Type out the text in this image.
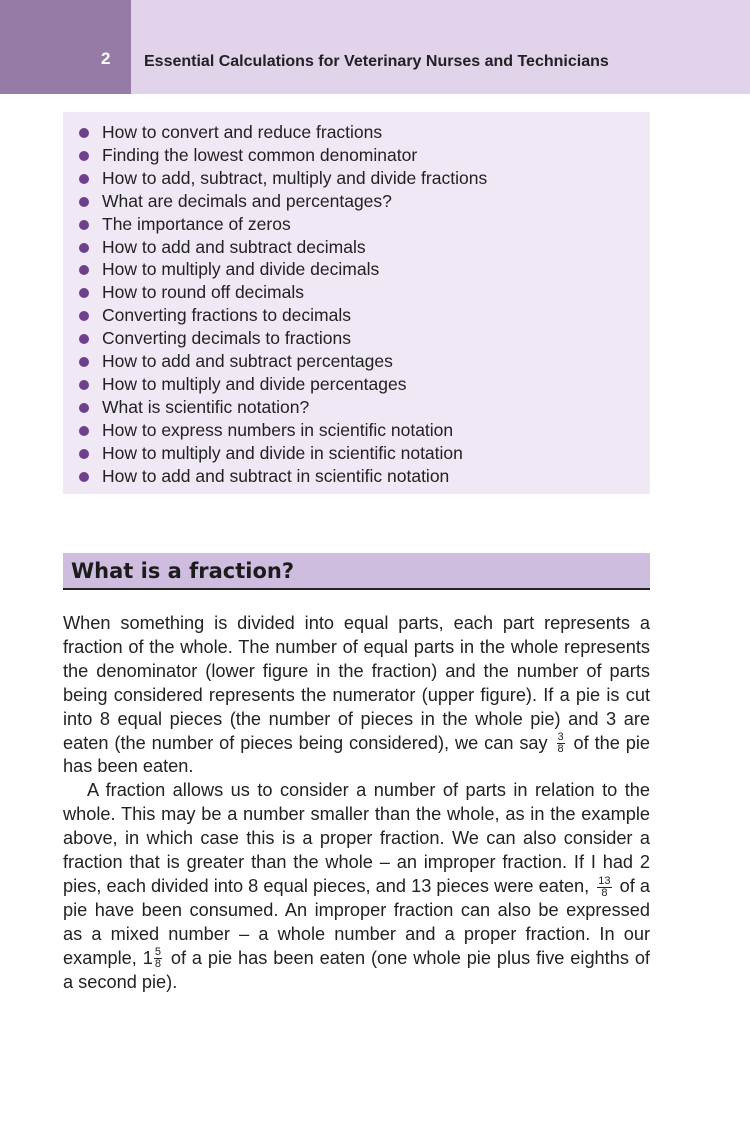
2 Essential Calculations for Veterinary Nurses and Technicians
How to convert and reduce fractions
Finding the lowest common denominator
How to add, subtract, multiply and divide fractions
What are decimals and percentages?
The importance of zeros
How to add and subtract decimals
How to multiply and divide decimals
How to round off decimals
Converting fractions to decimals
Converting decimals to fractions
How to add and subtract percentages
How to multiply and divide percentages
What is scientific notation?
How to express numbers in scientific notation
How to multiply and divide in scientific notation
How to add and subtract in scientific notation
What is a fraction?

When something is divided into equal parts, each part represents a fraction of the whole. The number of equal parts in the whole represents the denominator (lower figure in the fraction) and the number of parts being considered represents the numerator (upper figure). If a pie is cut into 8 equal pieces (the number of pieces in the whole pie) and 3 are eaten (the number of pieces being considered), we can say $\frac{3}{8}$ of the pie has been eaten.

A fraction allows us to consider a number of parts in relation to the whole. This may be a number smaller than the whole, as in the example above, in which case this is a proper fraction. We can also consider a fraction that is greater than the whole – an improper fraction. If I had 2 pies, each divided into 8 equal pieces, and 13 pieces were eaten, $\frac{13}{8}$ of a pie have been consumed. An improper fraction can also be expressed as a mixed number – a whole number and a proper fraction. In our example, $1 \frac{5}{8}$ of a pie has been eaten (one whole pie plus five eighths of a second pie).
